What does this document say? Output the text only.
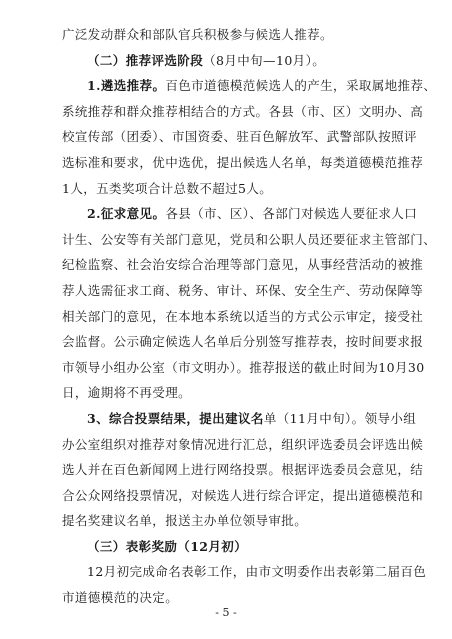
广泛发动群众和部队官兵积极参与候选人推荐。
（二）推荐评选阶段（8月中旬—10月）。
1.遴选推荐。百色市道德模范候选人的产生，采取属地推荐、
系统推荐和群众推荐相结合的方式。各县（市、区）文明办、高
校宣传部（团委）、市国资委、驻百色解放军、武警部队按照评
选标准和要求，优中选优，提出候选人名单，每类道德模范推荐
1人，五类奖项合计总数不超过5人。
2.征求意见。各县（市、区）、各部门对候选人要征求人口
计生、公安等有关部门意见，党员和公职人员还要征求主管部门、
纪检监察、社会治安综合治理等部门意见，从事经营活动的被推
荐人选需征求工商、税务、审计、环保、安全生产、劳动保障等
相关部门的意见，在本地本系统以适当的方式公示审定，接受社
会监督。公示确定候选人名单后分别签写推荐表，按时间要求报
市领导小组办公室（市文明办）。推荐报送的截止时间为10月30
日，逾期将不再受理。
3、综合投票结果，提出建议名单（11月中旬）。领导小组
办公室组织对推荐对象情况进行汇总，组织评选委员会评选出候
选人并在百色新闻网上进行网络投票。根据评选委员会意见，结
合公众网络投票情况，对候选人进行综合评定，提出道德模范和
提名奖建议名单，报送主办单位领导审批。
（三）表彰奖励（12月初）
12月初完成命名表彰工作，由市文明委作出表彰第二届百色
市道德模范的决定。
- 5 -
